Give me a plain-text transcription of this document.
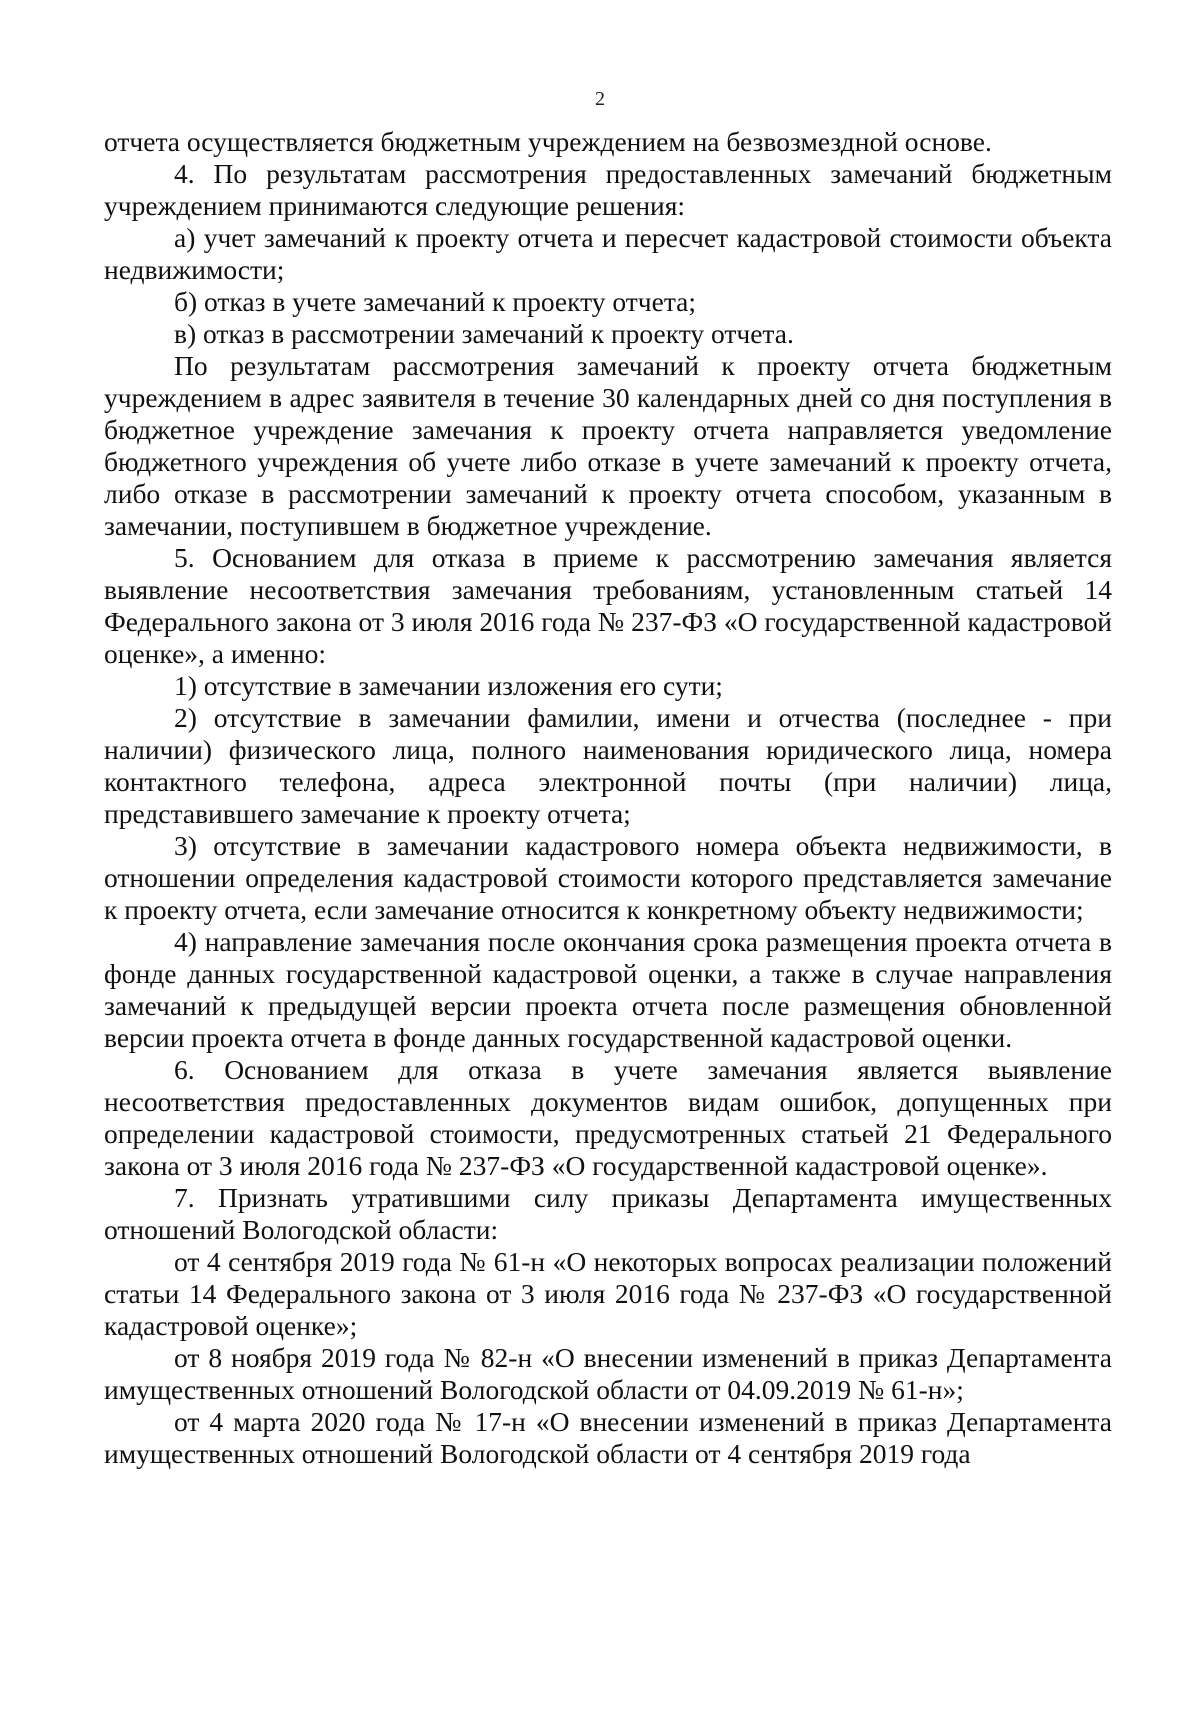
2

отчета осуществляется бюджетным учреждением на безвозмездной основе.

4. По результатам рассмотрения предоставленных замечаний бюджетным учреждением принимаются следующие решения:

а) учет замечаний к проекту отчета и пересчет кадастровой стоимости объекта недвижимости;

б) отказ в учете замечаний к проекту отчета;

в) отказ в рассмотрении замечаний к проекту отчета.

По результатам рассмотрения замечаний к проекту отчета бюджетным учреждением в адрес заявителя в течение 30 календарных дней со дня поступления в бюджетное учреждение замечания к проекту отчета направляется уведомление бюджетного учреждения об учете либо отказе в учете замечаний к проекту отчета, либо отказе в рассмотрении замечаний к проекту отчета способом, указанным в замечании, поступившем в бюджетное учреждение.

5. Основанием для отказа в приеме к рассмотрению замечания является выявление несоответствия замечания требованиям, установленным статьей 14 Федерального закона от 3 июля 2016 года № 237-ФЗ «О государственной кадастровой оценке», а именно:

1) отсутствие в замечании изложения его сути;

2) отсутствие в замечании фамилии, имени и отчества (последнее - при наличии) физического лица, полного наименования юридического лица, номера контактного телефона, адреса электронной почты (при наличии) лица, представившего замечание к проекту отчета;

3) отсутствие в замечании кадастрового номера объекта недвижимости, в отношении определения кадастровой стоимости которого представляется замечание к проекту отчета, если замечание относится к конкретному объекту недвижимости;

4) направление замечания после окончания срока размещения проекта отчета в фонде данных государственной кадастровой оценки, а также в случае направления замечаний к предыдущей версии проекта отчета после размещения обновленной версии проекта отчета в фонде данных государственной кадастровой оценки.

6. Основанием для отказа в учете замечания является выявление несоответствия предоставленных документов видам ошибок, допущенных при определении кадастровой стоимости, предусмотренных статьей 21 Федерального закона от 3 июля 2016 года № 237-ФЗ «О государственной кадастровой оценке».

7. Признать утратившими силу приказы Департамента имущественных отношений Вологодской области:

от 4 сентября 2019 года № 61-н «О некоторых вопросах реализации положений статьи 14 Федерального закона от 3 июля 2016 года № 237-ФЗ «О государственной кадастровой оценке»;

от 8 ноября 2019 года № 82-н «О внесении изменений в приказ Департамента имущественных отношений Вологодской области от 04.09.2019 № 61-н»;

от 4 марта 2020 года № 17-н «О внесении изменений в приказ Департамента имущественных отношений Вологодской области от 4 сентября 2019 года
